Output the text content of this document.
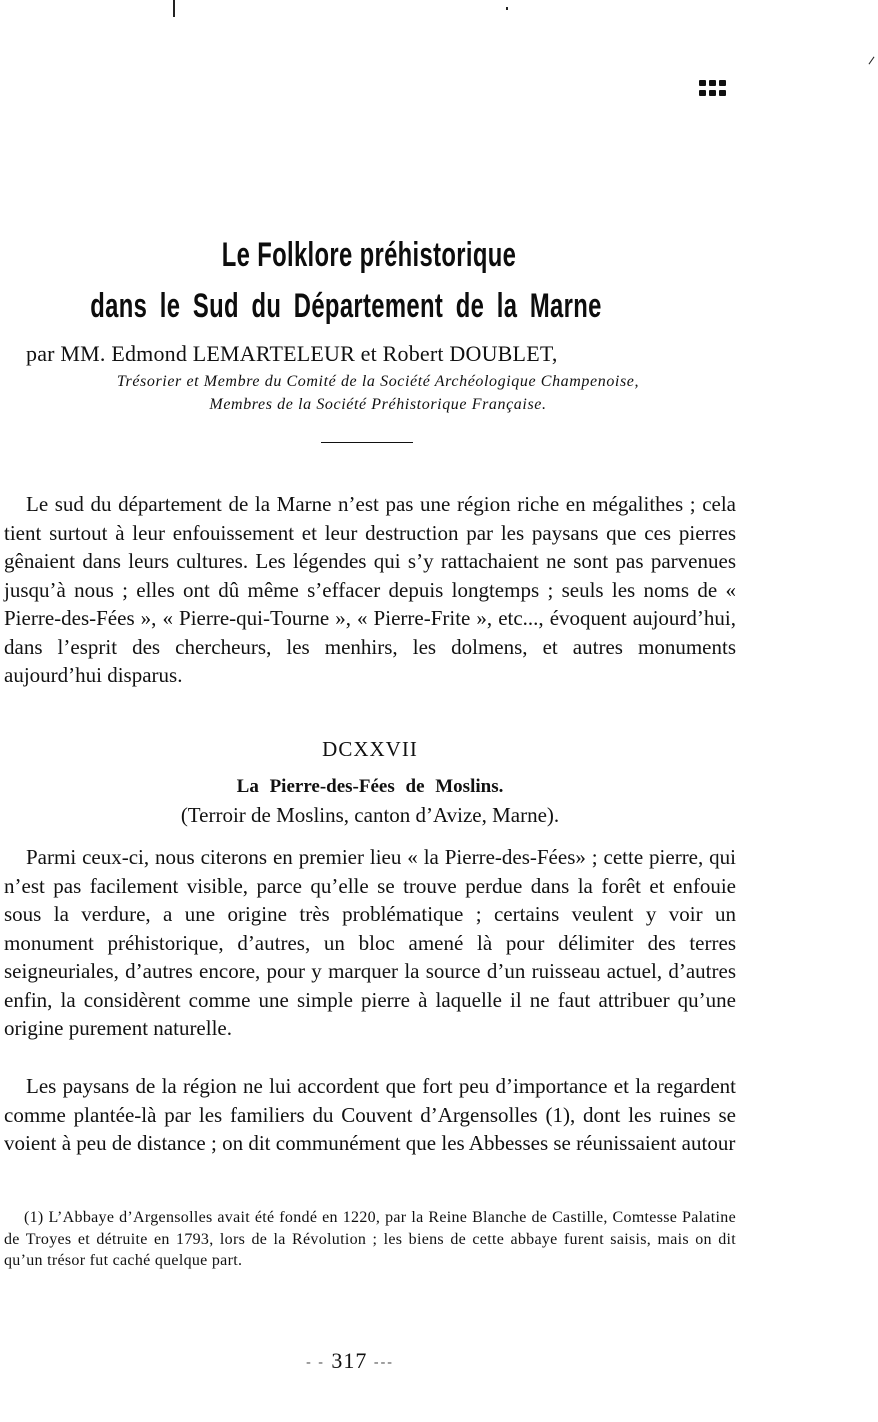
Le Folklore préhistorique
dans le Sud du Département de la Marne
par MM. Edmond LEMARTELEUR et Robert DOUBLET,
Trésorier et Membre du Comité de la Société Archéologique Champenoise,
Membres de la Société Préhistorique Française.

Le sud du département de la Marne n’est pas une région riche en mégalithes ; cela tient surtout à leur enfouissement et leur destruction par les paysans que ces pierres gênaient dans leurs cultures. Les légendes qui s’y rattachaient ne sont pas parvenues jusqu’à nous ; elles ont dû même s’effacer depuis longtemps ; seuls les noms de « Pierre-des-Fées », « Pierre-qui-Tourne », « Pierre-Frite », etc..., évoquent aujourd’hui, dans l’esprit des chercheurs, les menhirs, les dolmens, et autres monuments aujourd’hui disparus.

DCXXVII
La Pierre-des-Fées de Moslins.
(Terroir de Moslins, canton d’Avize, Marne).

Parmi ceux-ci, nous citerons en premier lieu « la Pierre-des-Fées» ; cette pierre, qui n’est pas facilement visible, parce qu’elle se trouve perdue dans la forêt et enfouie sous la verdure, a une origine très problématique ; certains veulent y voir un monument préhistorique, d’autres, un bloc amené là pour délimiter des terres seigneuriales, d’autres encore, pour y marquer la source d’un ruisseau actuel, d’autres enfin, la considèrent comme une simple pierre à laquelle il ne faut attribuer qu’une origine purement naturelle.

Les paysans de la région ne lui accordent que fort peu d’importance et la regardent comme plantée-là par les familiers du Couvent d’Argensolles (1), dont les ruines se voient à peu de distance ; on dit communément que les Abbesses se réunissaient autour

(1) L’Abbaye d’Argensolles avait été fondé en 1220, par la Reine Blanche de Castille, Comtesse Palatine de Troyes et détruite en 1793, lors de la Révolution ; les biens de cette abbaye furent saisis, mais on dit qu’un trésor fut caché quelque part.
- - 317 ---
